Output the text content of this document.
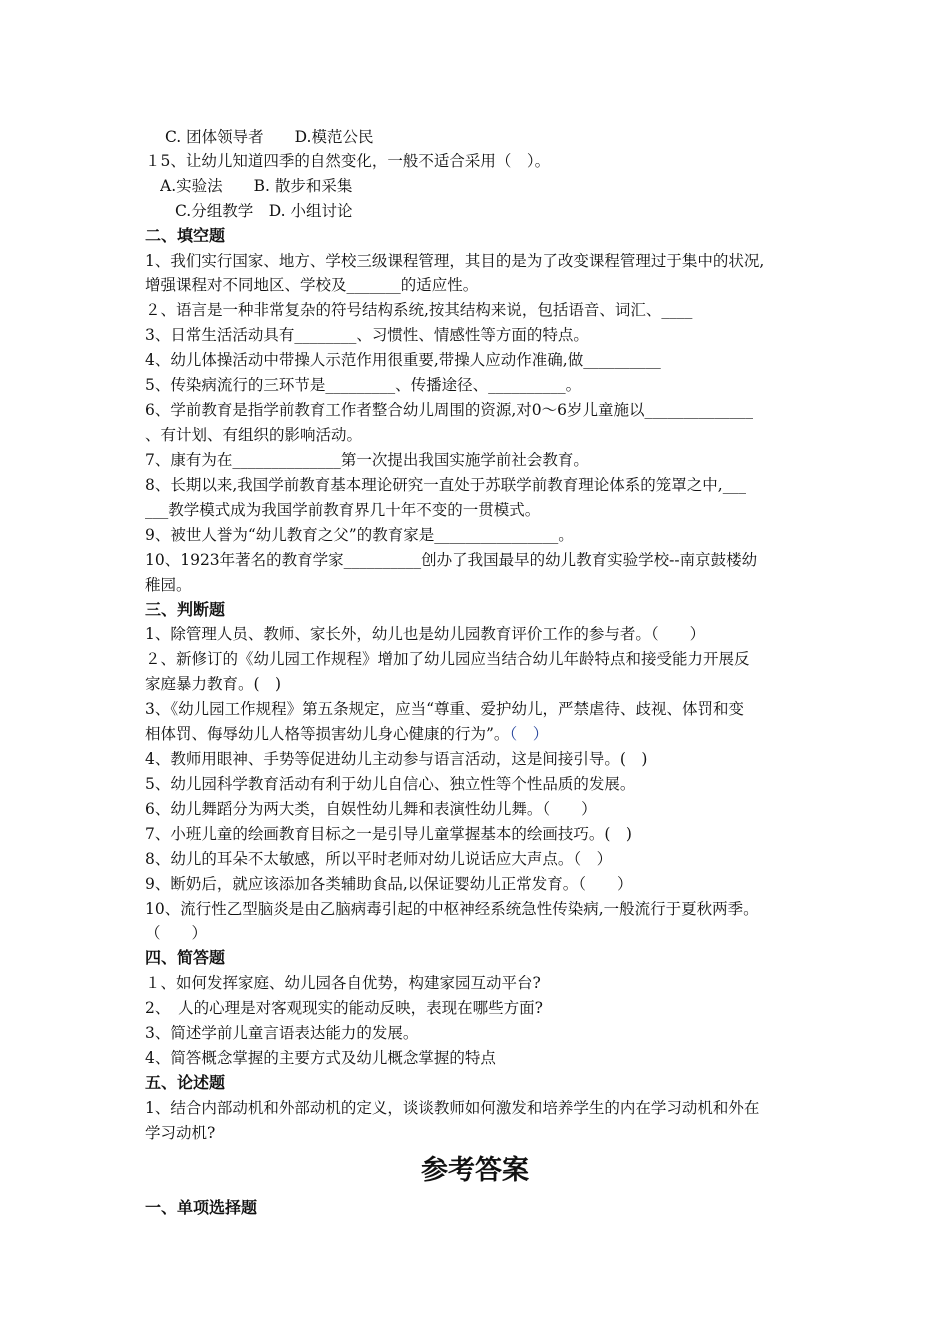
C. 团体领导者　　D.模范公民
１5、让幼儿知道四季的自然变化，一般不适合采用（　）。
A.实验法　　B. 散步和采集
C.分组教学　D. 小组讨论
二、填空题
1、我们实行国家、地方、学校三级课程管理，其目的是为了改变课程管理过于集中的状况,
增强课程对不同地区、学校及_______的适应性。
２、语言是一种非常复杂的符号结构系统,按其结构来说，包括语音、词汇、____
3、日常生活活动具有________、习惯性、情感性等方面的特点。
4、幼儿体操活动中带操人示范作用很重要,带操人应动作准确,做__________
5、传染病流行的三环节是_________、传播途径、__________。
6、学前教育是指学前教育工作者整合幼儿周围的资源,对0～6岁儿童施以______________
、有计划、有组织的影响活动。
7、康有为在______________第一次提出我国实施学前社会教育。
8、长期以来,我国学前教育基本理论研究一直处于苏联学前教育理论体系的笼罩之中,___
___教学模式成为我国学前教育界几十年不变的一贯模式。
9、被世人誉为“幼儿教育之父”的教育家是________________。
10、1923年著名的教育学家__________创办了我国最早的幼儿教育实验学校--南京鼓楼幼
稚园。
三、判断题
1、除管理人员、教师、家长外，幼儿也是幼儿园教育评价工作的参与者。（　　）
２、新修订的《幼儿园工作规程》增加了幼儿园应当结合幼儿年龄特点和接受能力开展反
家庭暴力教育。(　)
3、《幼儿园工作规程》第五条规定，应当“尊重、爱护幼儿，严禁虐待、歧视、体罚和变
相体罚、侮辱幼儿人格等损害幼儿身心健康的行为”。（　）
4、教师用眼神、手势等促进幼儿主动参与语言活动，这是间接引导。(　)
5、幼儿园科学教育活动有利于幼儿自信心、独立性等个性品质的发展。
6、幼儿舞蹈分为两大类，自娱性幼儿舞和表演性幼儿舞。（　　）
7、小班儿童的绘画教育目标之一是引导儿童掌握基本的绘画技巧。(　)
8、幼儿的耳朵不太敏感，所以平时老师对幼儿说话应大声点。（　）
9、断奶后，就应该添加各类辅助食品,以保证婴幼儿正常发育。（　　）
10、流行性乙型脑炎是由乙脑病毒引起的中枢神经系统急性传染病,一般流行于夏秋两季。
（　　）
四、简答题
１、如何发挥家庭、幼儿园各自优势，构建家园互动平台?
2、　人的心理是对客观现实的能动反映，表现在哪些方面?
3、简述学前儿童言语表达能力的发展。
4、简答概念掌握的主要方式及幼儿概念掌握的特点
五、论述题
1、结合内部动机和外部动机的定义，谈谈教师如何激发和培养学生的内在学习动机和外在
学习动机?
参考答案
一、单项选择题
